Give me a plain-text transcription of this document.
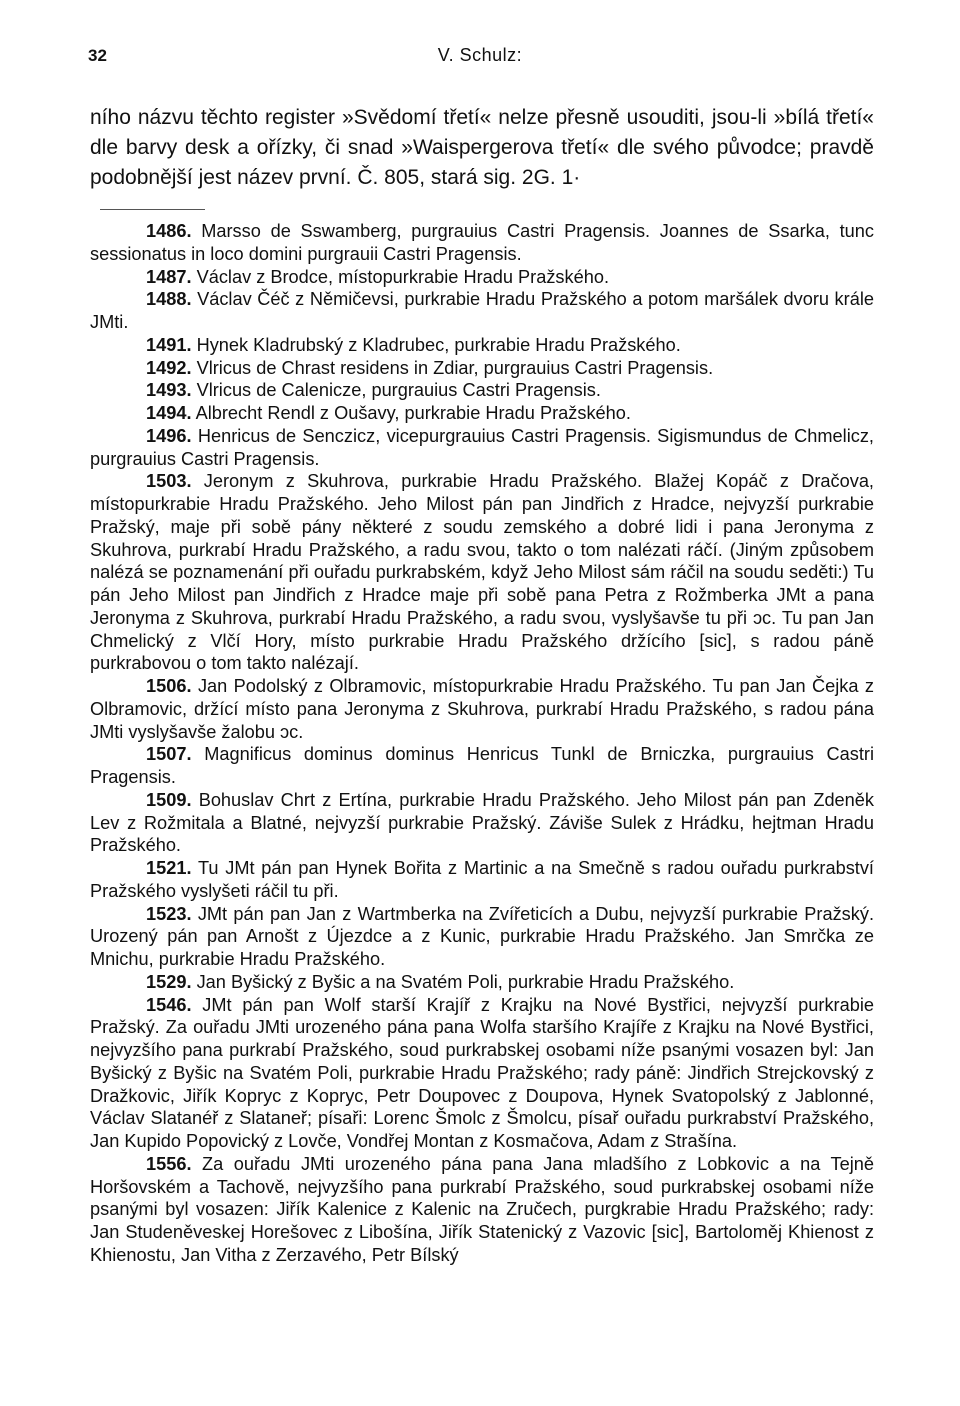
32	V. Schulz:
ního názvu těchto register »Svědomí třetí« nelze přesně usouditi, jsou-li »bílá třetí« dle barvy desk a ořízky, či snad »Waispergerova třetí« dle svého původce; pravdě podobnější jest název první. Č. 805, stará sig. 2G. 1·

1486. Marsso de Sswamberg, purgrauius Castri Pragensis. Joannes de Ssarka, tunc sessionatus in loco domini purgrauii Castri Pragensis.

1487. Václav z Brodce, místopurkrabie Hradu Pražského.

1488. Václav Čéč z Němičevsi, purkrabie Hradu Pražského a potom maršálek dvoru krále JMti.

1491. Hynek Kladrubský z Kladrubec, purkrabie Hradu Pražského.

1492. Vlricus de Chrast residens in Zdiar, purgrauius Castri Pragensis.

1493. Vlricus de Calenicze, purgrauius Castri Pragensis.

1494. Albrecht Rendl z Oušavy, purkrabie Hradu Pražského.

1496. Henricus de Senczicz, vicepurgrauius Castri Pragensis. Sigismundus de Chmelicz, purgrauius Castri Pragensis.

1503. Jeronym z Skuhrova, purkrabie Hradu Pražského. Blažej Kopáč z Dračova, místopurkrabie Hradu Pražského. Jeho Milost pán pan Jindřich z Hradce, nejvyzší purkrabie Pražský, maje při sobě pány některé z soudu zemského a dobré lidi i pana Jeronyma z Skuhrova, purkrabí Hradu Pražského, a radu svou, takto o tom nalézati ráčí. (Jiným způsobem nalézá se poznamenání při ouřadu purkrabském, když Jeho Milost sám ráčil na soudu seděti:) Tu pán Jeho Milost pan Jindřich z Hradce maje při sobě pana Petra z Rožmberka JMt a pana Jeronyma z Skuhrova, purkrabí Hradu Pražského, a radu svou, vyslyšavše tu při ɔc. Tu pan Jan Chmelický z Vlčí Hory, místo purkrabie Hradu Pražského držícího [sic], s radou páně purkrabovou o tom takto nalézají.

1506. Jan Podolský z Olbramovic, místopurkrabie Hradu Pražského. Tu pan Jan Čejka z Olbramovic, držící místo pana Jeronyma z Skuhrova, purkrabí Hradu Pražského, s radou pána JMti vyslyšavše žalobu ɔc.

1507. Magnificus dominus dominus Henricus Tunkl de Brniczka, purgrauius Castri Pragensis.

1509. Bohuslav Chrt z Ertína, purkrabie Hradu Pražského. Jeho Milost pán pan Zdeněk Lev z Rožmitala a Blatné, nejvyzší purkrabie Pražský. Záviše Sulek z Hrádku, hejtman Hradu Pražského.

1521. Tu JMt pán pan Hynek Bořita z Martinic a na Smečně s radou ouřadu purkrabství Pražského vyslyšeti ráčil tu při.

1523. JMt pán pan Jan z Wartmberka na Zvířeticích a Dubu, nejvyzší purkrabie Pražský. Urozený pán pan Arnošt z Újezdce a z Kunic, purkrabie Hradu Pražského. Jan Smrčka ze Mnichu, purkrabie Hradu Pražského.

1529. Jan Byšický z Byšic a na Svatém Poli, purkrabie Hradu Pražského.

1546. JMt pán pan Wolf starší Krajíř z Krajku na Nové Bystřici, nejvyzší purkrabie Pražský. Za ouřadu JMti urozeného pána pana Wolfa staršího Krajíře z Krajku na Nové Bystřici, nejvyzšího pana purkrabí Pražského, soud purkrabskej osobami níže psanými vosazen byl: Jan Byšický z Byšic na Svatém Poli, purkrabie Hradu Pražského; rady páně: Jindřich Strejckovský z Dražkovic, Jiřík Kopryc z Kopryc, Petr Doupovec z Doupova, Hynek Svatopolský z Jablonné, Václav Slatanéř z Slataneř; písaři: Lorenc Šmolc z Šmolcu, písař ouřadu purkrabství Pražského, Jan Kupido Popovický z Lovče, Vondřej Montan z Kosmačova, Adam z Strašína.

1556. Za ouřadu JMti urozeného pána pana Jana mladšího z Lobkovic a na Tejně Horšovském a Tachově, nejvyzšího pana purkrabí Pražského, soud purkrabskej osobami níže psanými byl vosazen: Jiřík Kalenice z Kalenic na Zručech, purgkrabie Hradu Pražského; rady: Jan Studeněveskej Horešovec z Libošína, Jiřík Statenický z Vazovic [sic], Bartoloměj Khienost z Khienostu, Jan Vitha z Zerzavého, Petr Bílský
